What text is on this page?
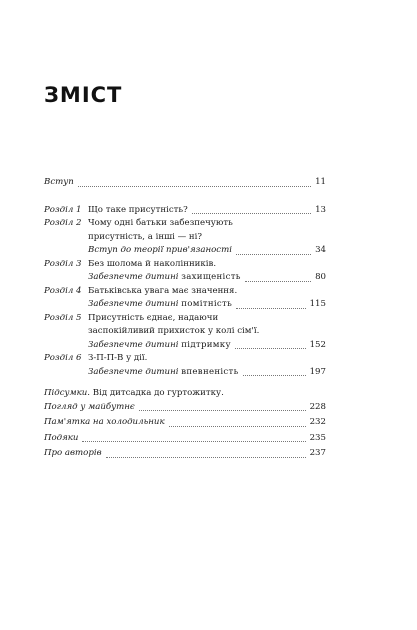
ЗМІСТ
Вступ	11
Розділ 1 Що таке присутність?	13
Розділ 2 Чому одні батьки забезпечують
присутність, а інші — ні?
Вступ до теорії прив'язаності	34
Розділ 3 Без шолома й наколінників.
Забезпечте дитині захищеність	80
Розділ 4 Батьківська увага має значення.
Забезпечте дитині помітність	115
Розділ 5 Присутність єднає, надаючи
заспокійливий прихисток у колі сім'ї.
Забезпечте дитині підтримку	152
Розділ 6 З-П-П-В у дії.
Забезпечте дитині впевненість	197
Підсумки. Від дитсадка до гуртожитку.
Погляд у майбутнє	228
Пам'ятка на холодильник	232
Подяки	235
Про авторів	237
